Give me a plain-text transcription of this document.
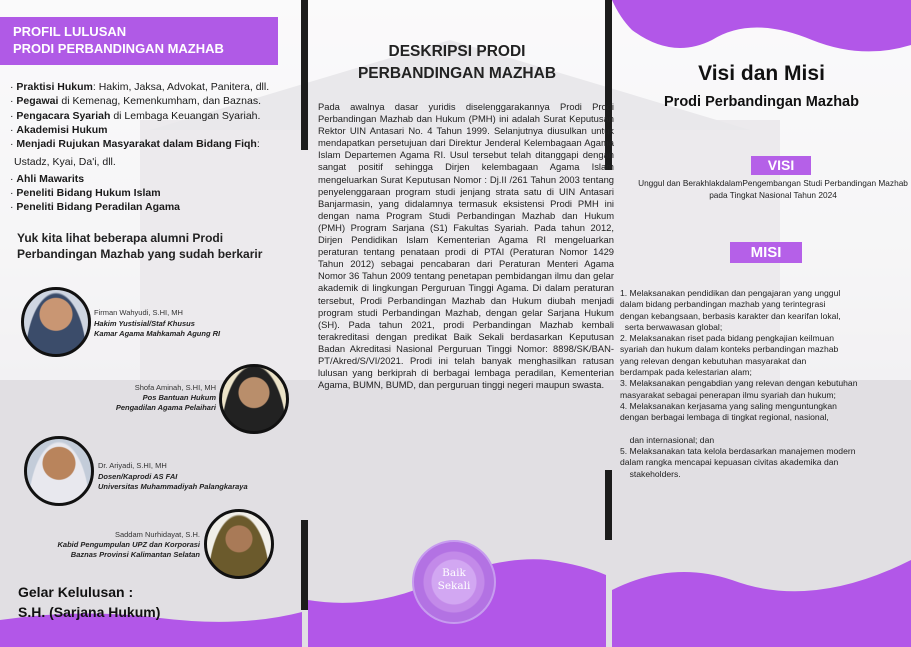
PROFIL LULUSAN
PRODI PERBANDINGAN MAZHAB
· Praktisi Hukum: Hakim, Jaksa, Advokat, Panitera, dll.
· Pegawai di Kemenag, Kemenkumham, dan Baznas.
· Pengacara Syariah di Lembaga Keuangan Syariah.
· Akademisi Hukum
· Menjadi Rujukan Masyarakat dalam Bidang Fiqh:
Ustadz, Kyai, Da'i, dll.
· Ahli Mawarits
· Peneliti Bidang Hukum Islam
· Peneliti Bidang Peradilan Agama
Yuk kita lihat beberapa alumni Prodi Perbandingan Mazhab yang sudah berkarir
Firman Wahyudi, S.HI, MH
Hakim Yustisial/Staf Khusus
Kamar Agama Mahkamah Agung RI
Shofa Aminah, S.HI, MH
Pos Bantuan Hukum
Pengadilan Agama Pelaihari
Dr. Ariyadi, S.HI, MH
Dosen/Kaprodi AS FAI
Universitas Muhammadiyah Palangkaraya
Saddam Nurhidayat, S.H.
Kabid Pengumpulan UPZ dan Korporasi
Baznas Provinsi Kalimantan Selatan
Gelar Kelulusan :
S.H. (Sarjana Hukum)
DESKRIPSI PRODI
PERBANDINGAN MAZHAB
Pada awalnya dasar yuridis diselenggarakannya Prodi Prodi Perbandingan Mazhab dan Hukum (PMH) ini adalah Surat Keputusan Rektor UIN Antasari No. 4 Tahun 1999. Selanjutnya diusulkan untuk mendapatkan persetujuan dari Direktur Jenderal Kelembagaan Agama Islam Departemen Agama RI. Usul tersebut telah ditanggapi dengan sangat positif sehingga Dirjen kelembagaan Agama Islam mengeluarkan Surat Keputusan Nomor : Dj.II /261 Tahun 2003 tentang penyelenggaraan program studi jenjang strata satu di UIN Antasari Banjarmasin, yang didalamnya termasuk eksistensi Prodi PMH ini dengan nama Program Studi Perbandingan Mazhab dan Hukum (PMH) Program Sarjana (S1) Fakultas Syariah. Pada tahun 2012, Dirjen Pendidikan Islam Kementerian Agama RI mengeluarkan peraturan tentang penataan prodi di PTAI (Peraturan Nomor 1429 Tahun 2012) sebagai pencabaran dari Peraturan Menteri Agama Nomor 36 Tahun 2009 tentang penetapan pembidangan ilmu dan gelar akademik di lingkungan Perguruan Tinggi Agama. Di dalam peraturan tersebut, Prodi Perbandingan Mazhab dan Hukum diubah menjadi program studi Perbandingan Mazhab, dengan gelar Sarjana Hukum (SH). Pada tahun 2021, prodi Perbandingan Mazhab kembali terakreditasi dengan predikat Baik Sekali berdasarkan Keputusan Badan Akreditasi Nasional Perguruan Tinggi Nomor: 8898/SK/BAN-PT/Akred/S/VI/2021. Prodi ini telah banyak menghasilkan ratusan lulusan yang berkiprah di berbagai lembaga peradilan, Kementerian Agama, BUMN, BUMD, dan perguruan tinggi negeri maupun swasta.
Baik
Sekali
Visi dan Misi
Prodi Perbandingan Mazhab
VISI
Unggul dan BerakhlakdalamPengembangan Studi Perbandingan Mazhab pada Tingkat Nasional Tahun 2024
MISI
1. Melaksanakan pendidikan dan pengajaran yang unggul
dalam bidang perbandingan mazhab yang terintegrasi
dengan kebangsaan, berbasis karakter dan kearifan lokal,
serta berwawasan global;
2. Melaksanakan riset pada bidang pengkajian keilmuan
syariah dan hukum dalam konteks perbandingan mazhab
yang relevan dengan kebutuhan masyarakat dan
berdampak pada kelestarian alam;
3. Melaksanakan pengabdian yang relevan dengan kebutuhan
masyarakat sebagai penerapan ilmu syariah dan hukum;
4. Melaksanakan kerjasama yang saling menguntungkan
dengan berbagai lembaga di tingkat regional, nasional,

dan internasional; dan
5. Melaksanakan tata kelola berdasarkan manajemen modern
dalam rangka mencapai kepuasan civitas akademika dan
stakeholders.
